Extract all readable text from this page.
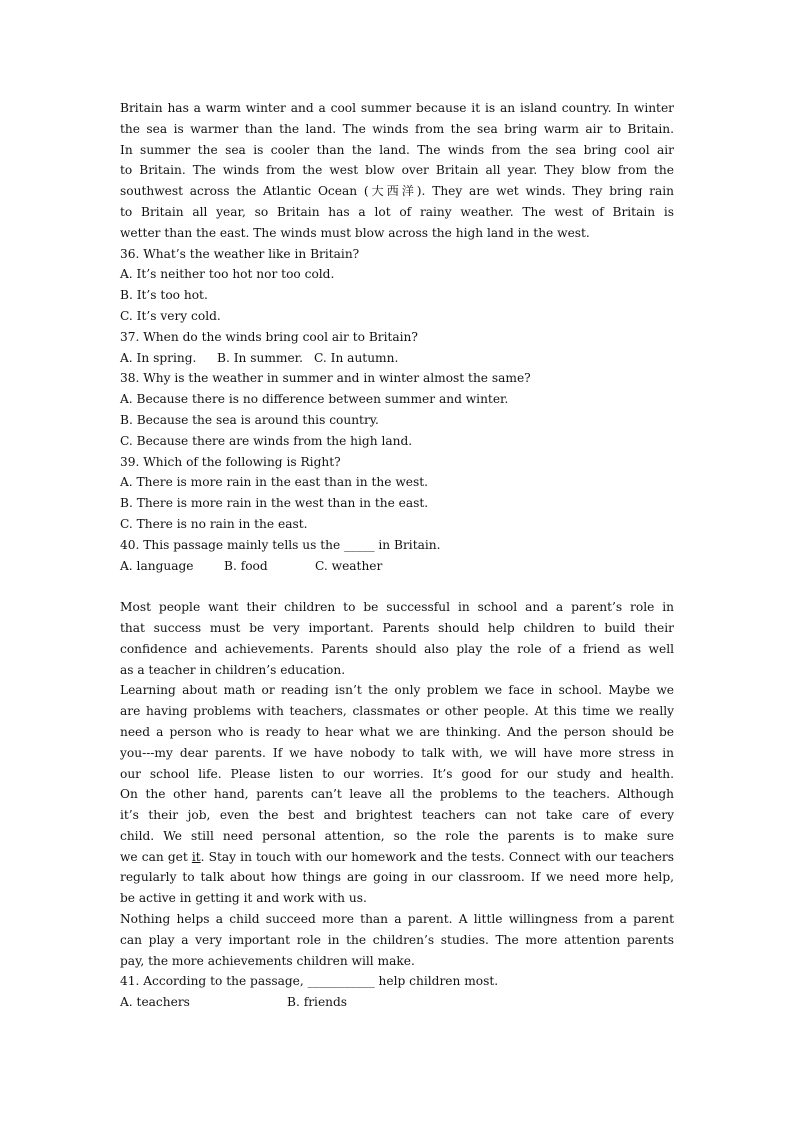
Britain has a warm winter and a cool summer because it is an island country. In winter

the sea is warmer than the land. The winds from the sea bring warm air to Britain.

In summer the sea is cooler than the land. The winds from the sea bring cool air

to Britain. The winds from the west blow over Britain all year. They blow from the

southwest across the Atlantic Ocean (大西洋). They are wet winds. They bring rain

to Britain all year, so Britain has a lot of rainy weather. The west of Britain is

wetter than the east. The winds must blow across the high land in the west.

36. What’s the weather like in Britain?

A. It’s neither too hot nor too cold.

B. It’s too hot.

C. It’s very cold.

37. When do the winds bring cool air to Britain?

A. In spring. B. In summer. C. In autumn.

38. Why is the weather in summer and in winter almost the same?

A. Because there is no difference between summer and winter.

B. Because the sea is around this country.

C. Because there are winds from the high land.

39. Which of the following is Right?

A. There is more rain in the east than in the west.

B. There is more rain in the west than in the east.

C. There is no rain in the east.

40. This passage mainly tells us the _____ in Britain.

A. language	B. food	C. weather

Most people want their children to be successful in school and a parent’s role in

that success must be very important. Parents should help children to build their

confidence and achievements. Parents should also play the role of a friend as well

as a teacher in children’s education.

Learning about math or reading isn’t the only problem we face in school. Maybe we

are having problems with teachers, classmates or other people. At this time we really

need a person who is ready to hear what we are thinking. And the person should be

you---my dear parents. If we have nobody to talk with, we will have more stress in

our school life. Please listen to our worries. It’s good for our study and health.

On the other hand, parents can’t leave all the problems to the teachers. Although

it’s their job, even the best and brightest teachers can not take care of every

child. We still need personal attention, so the role the parents is to make sure

we can get it. Stay in touch with our homework and the tests. Connect with our teachers

regularly to talk about how things are going in our classroom. If we need more help,

be active in getting it and work with us.

Nothing helps a child succeed more than a parent. A little willingness from a parent

can play a very important role in the children’s studies. The more attention parents

pay, the more achievements children will make.

41. According to the passage, ___________ help children most.

A. teachers	B. friends
